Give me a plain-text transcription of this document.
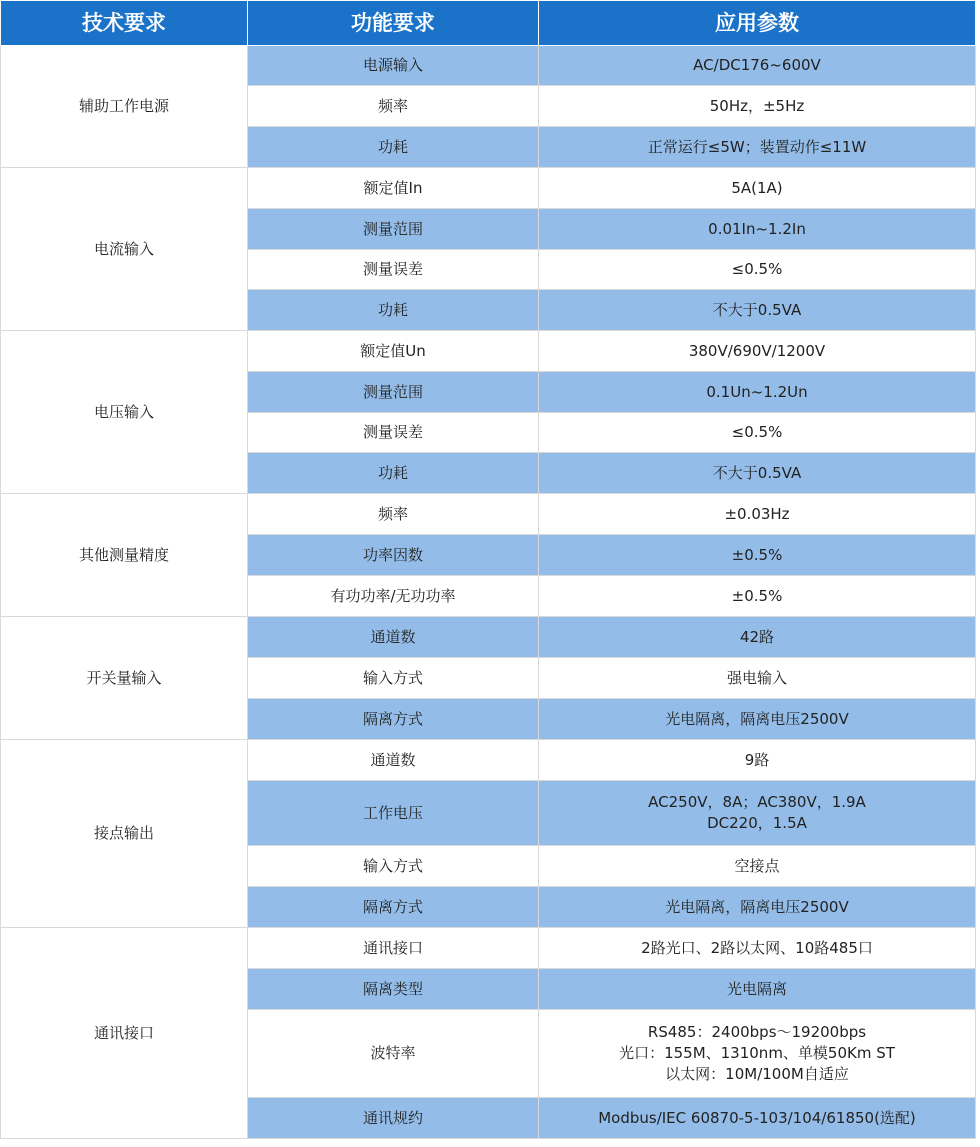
技术要求	功能要求	应用参数
辅助工作电源	电源输入	AC/DC176~600V

	频率	50Hz，±5Hz

	功耗	正常运行≤5W；装置动作≤11W

电流输入	额定值In	5A(1A)

	测量范围	0.01In~1.2In

	测量误差	≤0.5%

	功耗	不大于0.5VA

电压输入	额定值Un	380V/690V/1200V

	测量范围	0.1Un~1.2Un

	测量误差	≤0.5%

	功耗	不大于0.5VA

其他测量精度	频率	±0.03Hz

	功率因数	±0.5%

	有功功率/无功功率	±0.5%

开关量输入	通道数	42路

	输入方式	强电输入

	隔离方式	光电隔离，隔离电压2500V

接点输出	通道数	9路

	工作电压	AC250V，8A；AC380V，1.9A
DC220，1.5A

	输入方式	空接点

	隔离方式	光电隔离，隔离电压2500V

通讯接口	通讯接口	2路光口、2路以太网、10路485口

	隔离类型	光电隔离

	波特率	RS485：2400bps～19200bps
光口：155M、1310nm、单模50Km ST
以太网：10M/100M自适应

	通讯规约	Modbus/IEC 60870-5-103/104/61850(选配)
